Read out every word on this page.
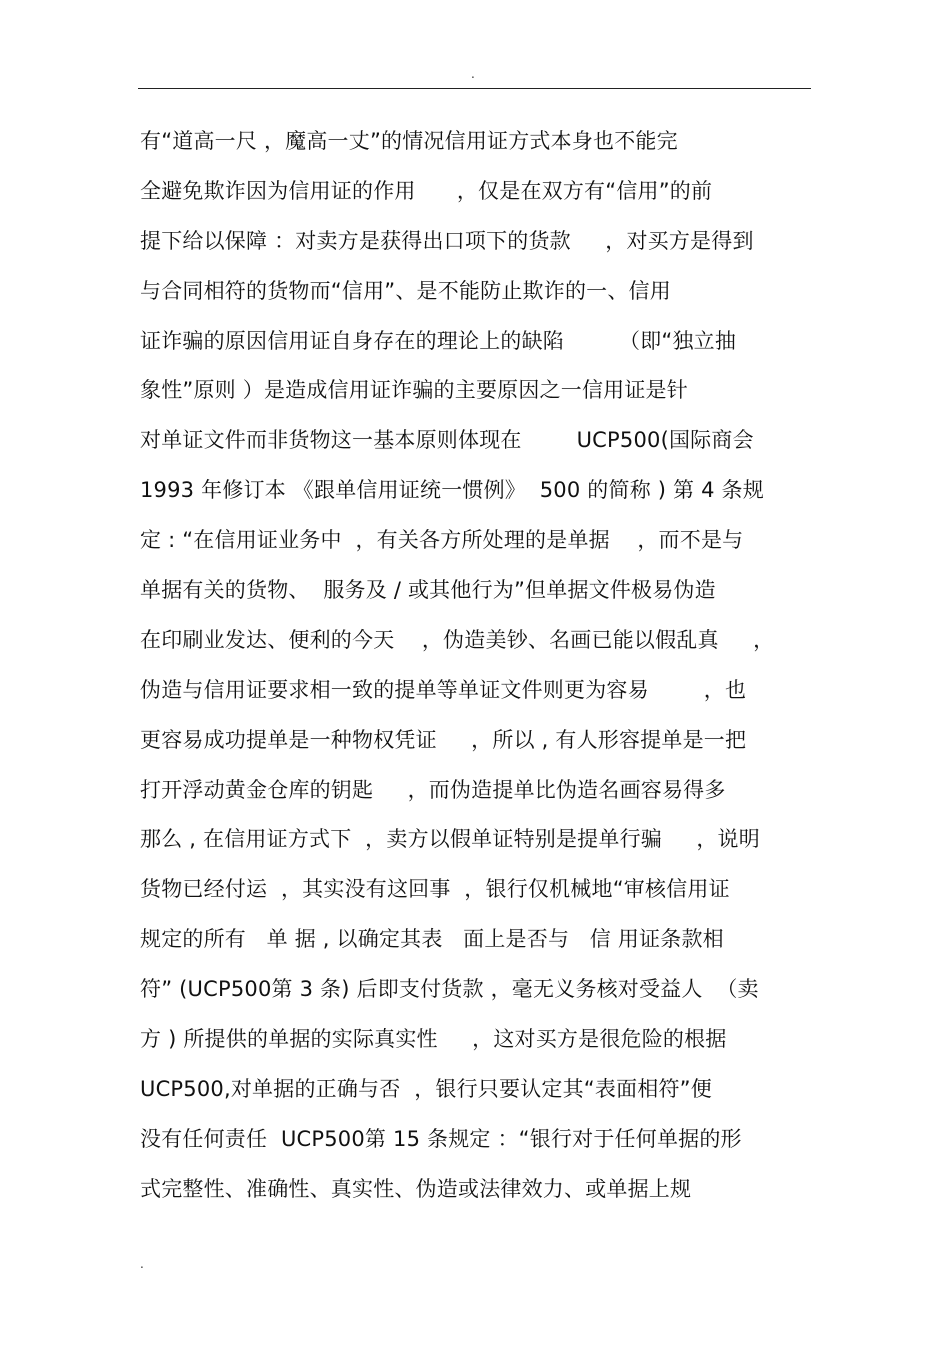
.
有“道高一尺 ，魔高一丈”的情况信用证方式本身也不能完
全避免欺诈因为信用证的作用      ，仅是在双方有“信用”的前
提下给以保障 ：对卖方是获得出口项下的货款     ，对买方是得到
与合同相符的货物而“信用”、是不能防止欺诈的一、信用
证诈骗的原因信用证自身存在的理论上的缺陷        （即“独立抽
象性”原则 ）是造成信用证诈骗的主要原因之一信用证是针
对单证文件而非货物这一基本原则体现在        UCP500(国际商会
1993 年修订本 《跟单信用证统一惯例》  500 的简称 ) 第 4 条规
定 : “在信用证业务中  ，有关各方所处理的是单据    ，而不是与
单据有关的货物、  服务及 / 或其他行为”但单据文件极易伪造
在印刷业发达、便利的今天    ，伪造美钞、名画已能以假乱真     ，
伪造与信用证要求相一致的提单等单证文件则更为容易        ，也
更容易成功提单是一种物权凭证     ，所以 , 有人形容提单是一把
打开浮动黄金仓库的钥匙     ，而伪造提单比伪造名画容易得多
那么 , 在信用证方式下  ，卖方以假单证特别是提单行骗     ，说明
货物已经付运  ，其实没有这回事  ，银行仅机械地“审核信用证
规定的所有   单 据 , 以确定其表   面上是否与   信 用证条款相
符” (UCP500第 3 条) 后即支付货款 ，毫无义务核对受益人  （卖
方 ) 所提供的单据的实际真实性     ，这对买方是很危险的根据
UCP500,对单据的正确与否  ，银行只要认定其“表面相符”便
没有任何责任  UCP500第 15 条规定 ：“银行对于任何单据的形
式完整性、准确性、真实性、伪造或法律效力、或单据上规
.
